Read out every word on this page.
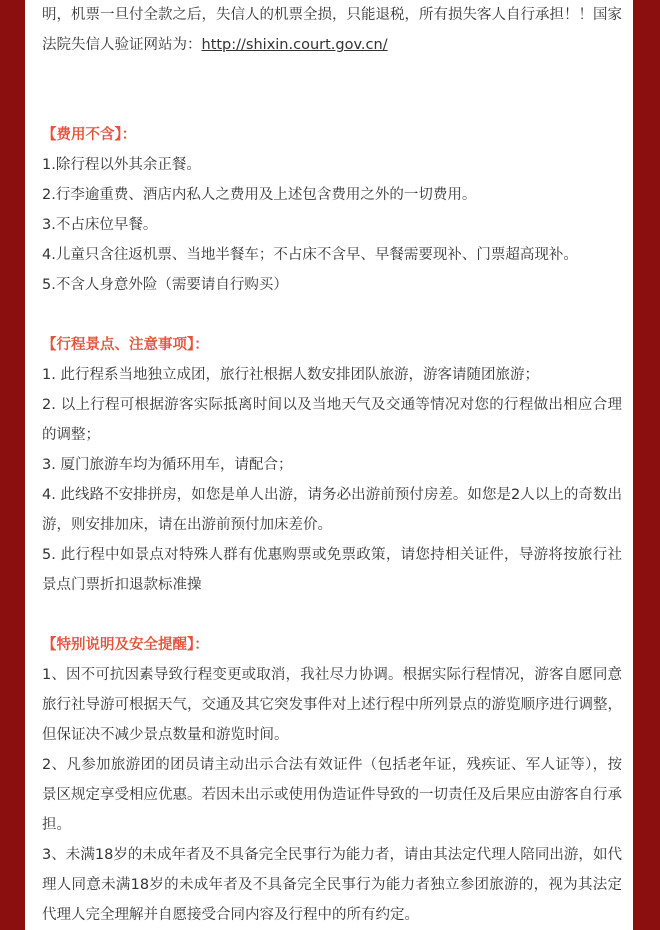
明，机票一旦付全款之后，失信人的机票全损，只能退税，所有损失客人自行承担！！国家法院失信人验证网站为：http://shixin.court.gov.cn/

【费用不含】：

1.除行程以外其余正餐。

2.行李逾重费、酒店内私人之费用及上述包含费用之外的一切费用。

3.不占床位早餐。

4.儿童只含往返机票、当地半餐车；不占床不含早、早餐需要现补、门票超高现补。

5.不含人身意外险（需要请自行购买）

【行程景点、注意事项】：

1. 此行程系当地独立成团，旅行社根据人数安排团队旅游，游客请随团旅游；

2. 以上行程可根据游客实际抵离时间以及当地天气及交通等情况对您的行程做出相应合理的调整；

3. 厦门旅游车均为循环用车，请配合；

4. 此线路不安排拼房，如您是单人出游，请务必出游前预付房差。如您是2人以上的奇数出游，则安排加床，请在出游前预付加床差价。

5. 此行程中如景点对特殊人群有优惠购票或免票政策，请您持相关证件，导游将按旅行社景点门票折扣退款标准操

【特别说明及安全提醒】：

1、因不可抗因素导致行程变更或取消，我社尽力协调。根据实际行程情况，游客自愿同意旅行社导游可根据天气，交通及其它突发事件对上述行程中所列景点的游览顺序进行调整，但保证决不减少景点数量和游览时间。

2、凡参加旅游团的团员请主动出示合法有效证件（包括老年证，残疾证、军人证等），按景区规定享受相应优惠。若因未出示或使用伪造证件导致的一切责任及后果应由游客自行承担。

3、未满18岁的未成年者及不具备完全民事行为能力者，请由其法定代理人陪同出游，如代理人同意未满18岁的未成年者及不具备完全民事行为能力者独立参团旅游的，视为其法定代理人完全理解并自愿接受合同内容及行程中的所有约定。
